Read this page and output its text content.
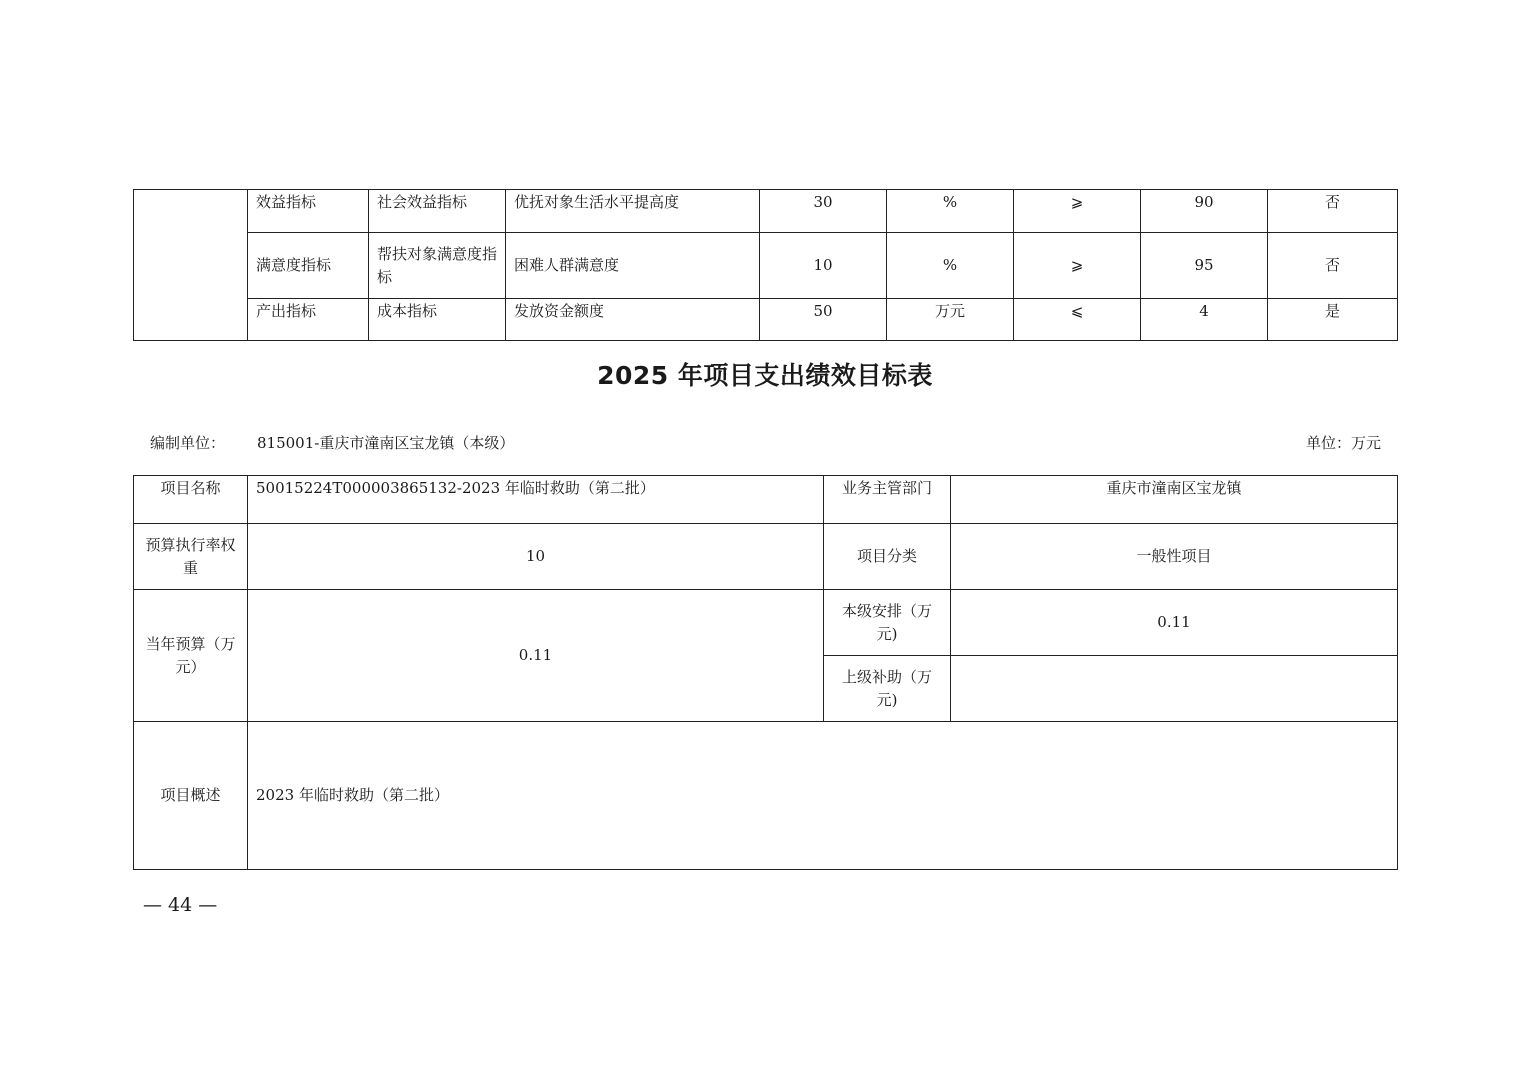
	效益指标	社会效益指标	优抚对象生活水平提高度	30	%	⩾	90	否
	满意度指标	帮扶对象满意度指标	困难人群满意度	10	%	⩾	95	否
	产出指标	成本指标	发放资金额度	50	万元	⩽	4	是
2025 年项目支出绩效目标表
编制单位： 815001-重庆市潼南区宝龙镇（本级）	单位：万元
项目名称	50015224T000003865132-2023 年临时救助（第二批）	业务主管部门	重庆市潼南区宝龙镇
预算执行率权重	10	项目分类	一般性项目
当年预算（万元）	0.11	本级安排（万元)	0.11
		上级补助（万元)	
项目概述	2023 年临时救助（第二批）		
— 44 —
